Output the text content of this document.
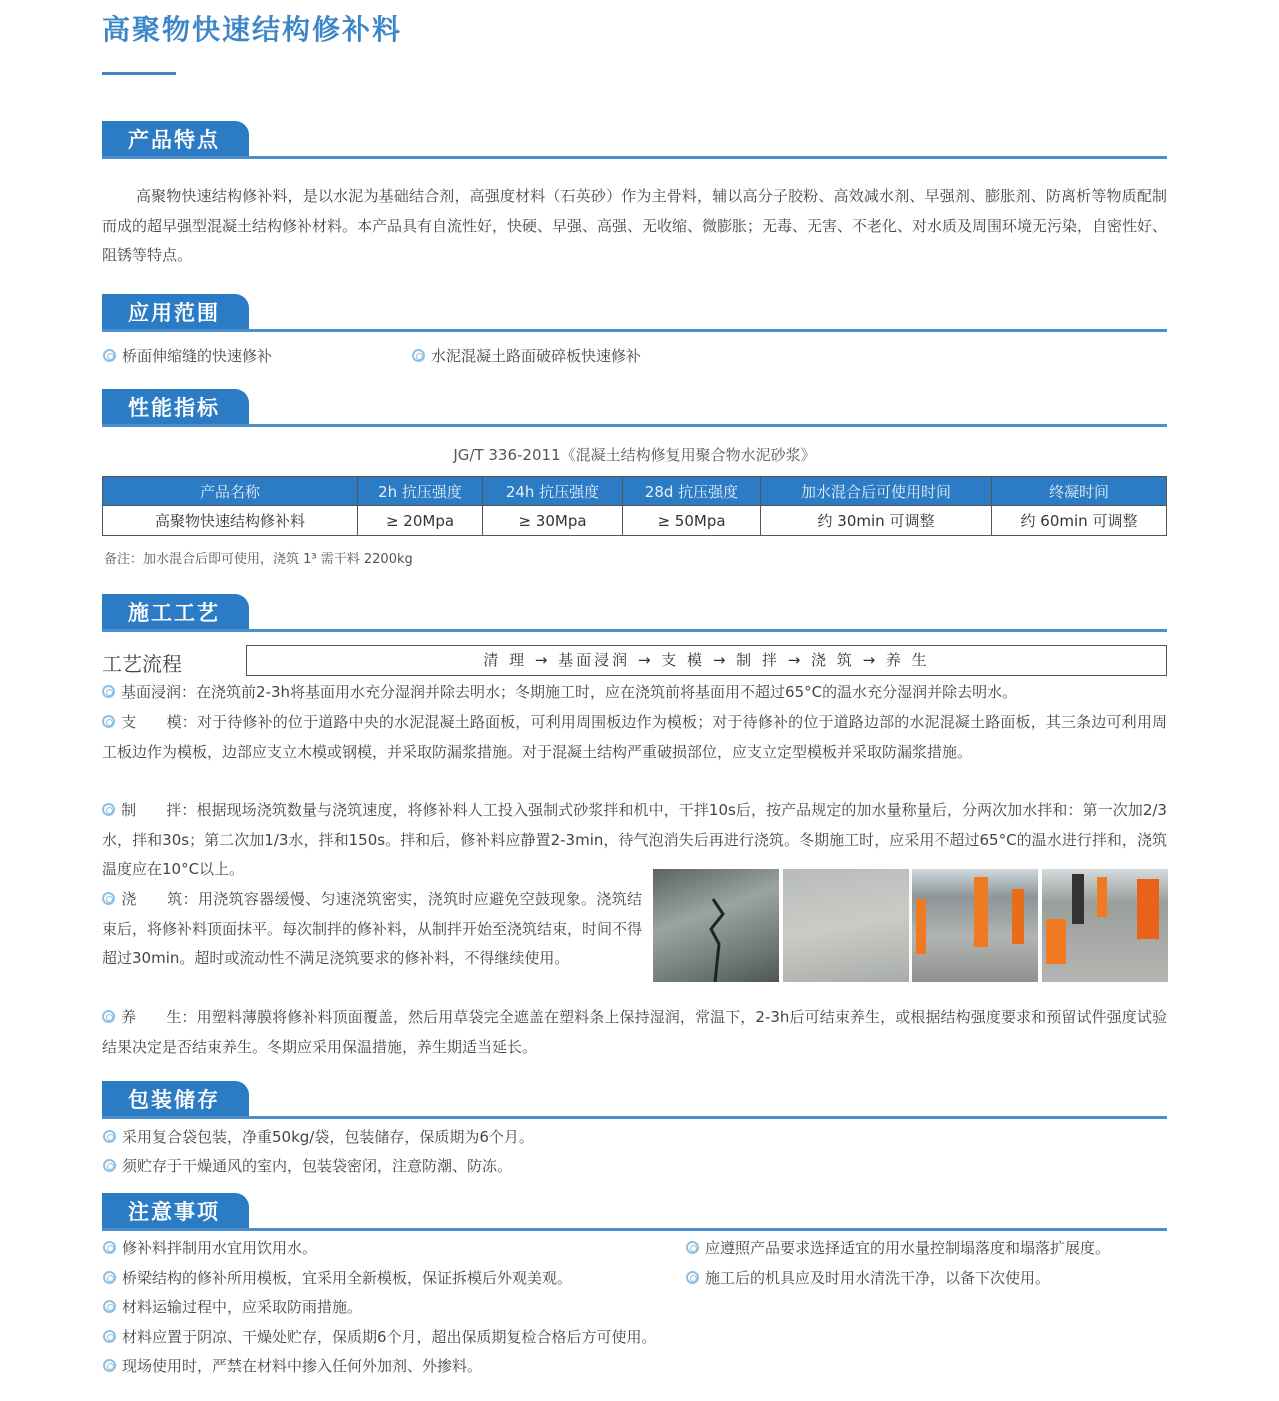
高聚物快速结构修补料
产品特点
高聚物快速结构修补料，是以水泥为基础结合剂，高强度材料（石英砂）作为主骨料，辅以高分子胶粉、高效减水剂、早强剂、膨胀剂、防离析等物质配制而成的超早强型混凝土结构修补材料。本产品具有自流性好，快硬、早强、高强、无收缩、微膨胀；无毒、无害、不老化、对水质及周围环境无污染，自密性好、阻锈等特点。
应用范围
桥面伸缩缝的快速修补	水泥混凝土路面破碎板快速修补
性能指标
JG/T 336-2011《混凝土结构修复用聚合物水泥砂浆》
产品名称	2h 抗压强度	24h 抗压强度	28d 抗压强度	加水混合后可使用时间	终凝时间
高聚物快速结构修补料	≥ 20Mpa	≥ 30Mpa	≥ 50Mpa	约 30min 可调整	约 60min 可调整
备注：加水混合后即可使用，浇筑 1³ 需干料 2200kg
施工工艺
工艺流程	清 理 → 基面浸润 → 支 模 → 制 拌 → 浇 筑 → 养 生
基面浸润：在浇筑前2-3h将基面用水充分湿润并除去明水；冬期施工时，应在浇筑前将基面用不超过65°C的温水充分湿润并除去明水。
支　　模：对于待修补的位于道路中央的水泥混凝土路面板，可利用周围板边作为模板；对于待修补的位于道路边部的水泥混凝土路面板，其三条边可利用周工板边作为模板，边部应支立木模或钢模，并采取防漏浆措施。对于混凝土结构严重破损部位，应支立定型模板并采取防漏浆措施。
制　　拌：根据现场浇筑数量与浇筑速度，将修补料人工投入强制式砂浆拌和机中，干拌10s后，按产品规定的加水量称量后，分两次加水拌和：第一次加2/3水，拌和30s；第二次加1/3水，拌和150s。拌和后，修补料应静置2-3min，待气泡消失后再进行浇筑。冬期施工时，应采用不超过65°C的温水进行拌和，浇筑温度应在10°C以上。
浇　　筑：用浇筑容器缓慢、匀速浇筑密实，浇筑时应避免空鼓现象。浇筑结束后，将修补料顶面抹平。每次制拌的修补料，从制拌开始至浇筑结束，时间不得超过30min。超时或流动性不满足浇筑要求的修补料，不得继续使用。
养　　生：用塑料薄膜将修补料顶面覆盖，然后用草袋完全遮盖在塑料条上保持湿润，常温下，2-3h后可结束养生，或根据结构强度要求和预留试件强度试验结果决定是否结束养生。冬期应采用保温措施，养生期适当延长。
包装储存
采用复合袋包装，净重50kg/袋，包装储存，保质期为6个月。
须贮存于干燥通风的室内，包装袋密闭，注意防潮、防冻。
注意事项
修补料拌制用水宜用饮用水。
桥梁结构的修补所用模板，宜采用全新模板，保证拆模后外观美观。
材料运输过程中，应采取防雨措施。
材料应置于阴凉、干燥处贮存，保质期6个月，超出保质期复检合格后方可使用。
现场使用时，严禁在材料中掺入任何外加剂、外掺料。
应遵照产品要求选择适宜的用水量控制塌落度和塌落扩展度。
施工后的机具应及时用水清洗干净，以备下次使用。
